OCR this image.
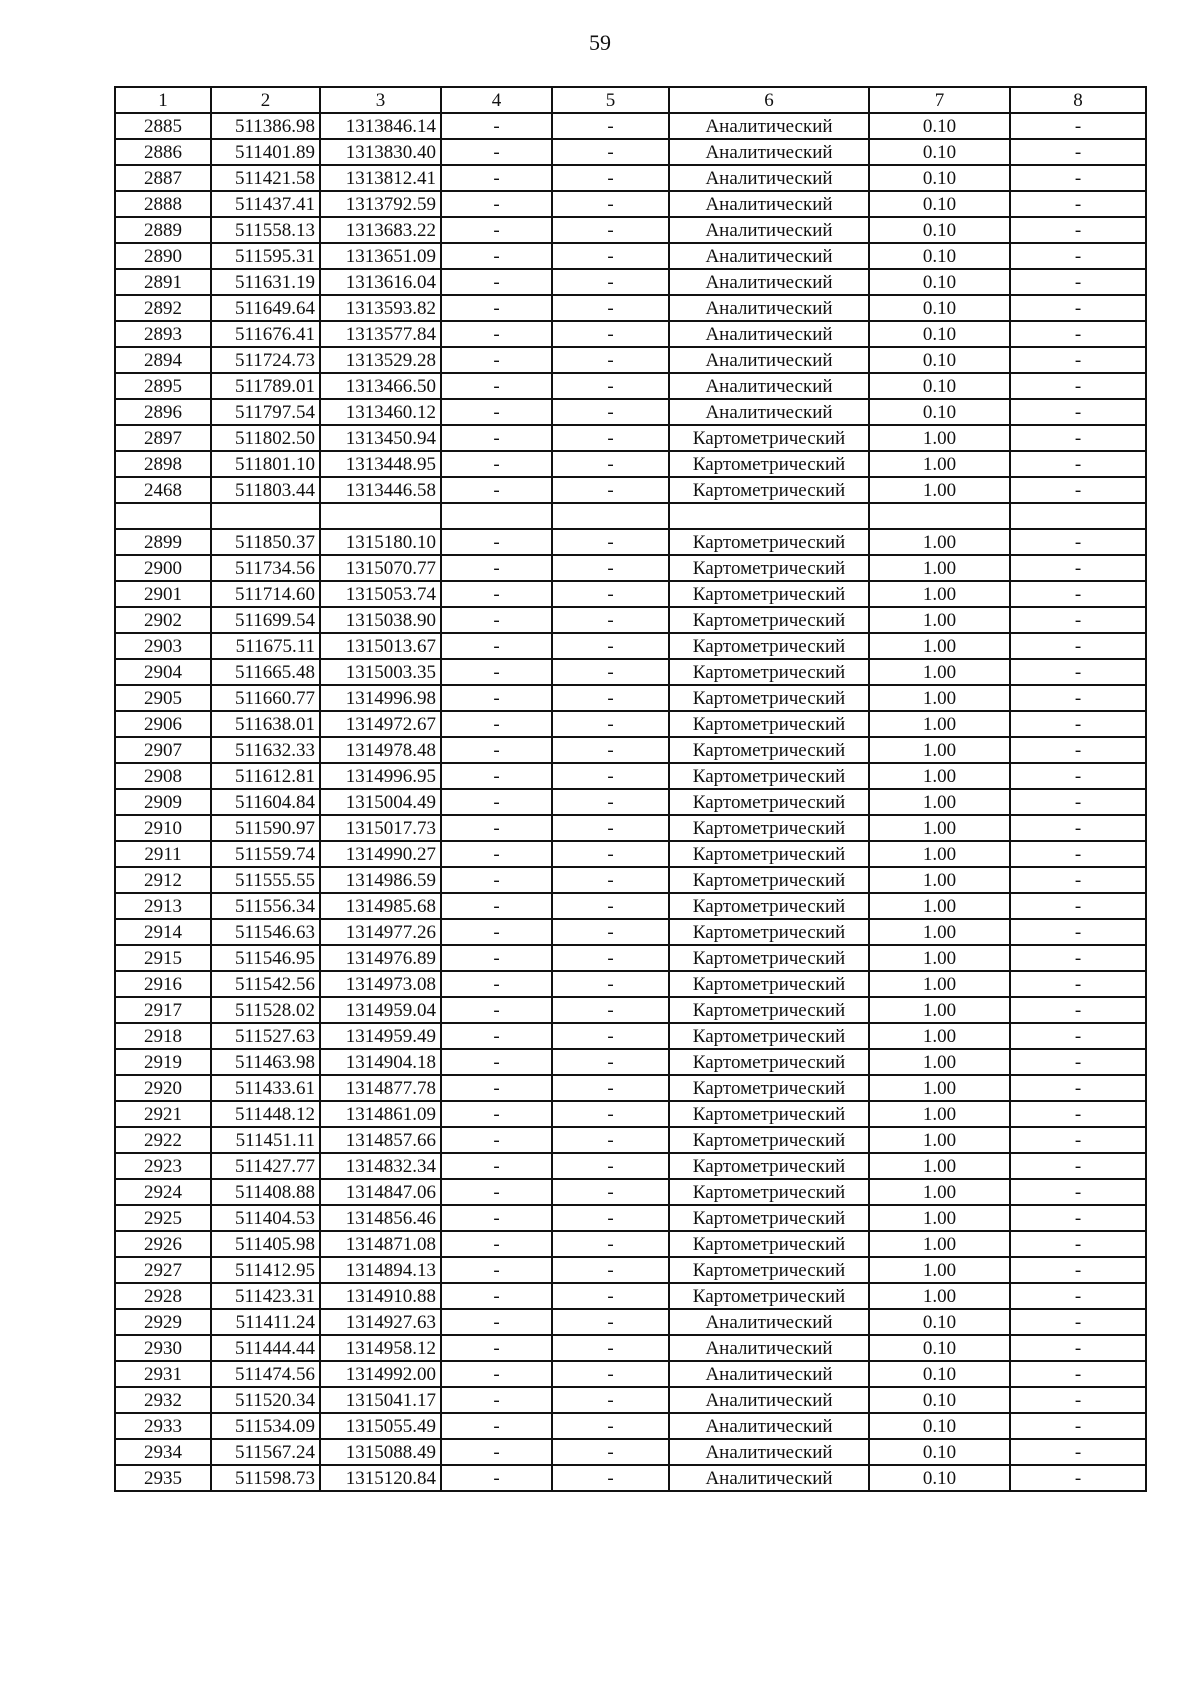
59
1	2	3	4	5	6	7	8
2885	511386.98	1313846.14	-	-	Аналитический	0.10	-
2886	511401.89	1313830.40	-	-	Аналитический	0.10	-
2887	511421.58	1313812.41	-	-	Аналитический	0.10	-
2888	511437.41	1313792.59	-	-	Аналитический	0.10	-
2889	511558.13	1313683.22	-	-	Аналитический	0.10	-
2890	511595.31	1313651.09	-	-	Аналитический	0.10	-
2891	511631.19	1313616.04	-	-	Аналитический	0.10	-
2892	511649.64	1313593.82	-	-	Аналитический	0.10	-
2893	511676.41	1313577.84	-	-	Аналитический	0.10	-
2894	511724.73	1313529.28	-	-	Аналитический	0.10	-
2895	511789.01	1313466.50	-	-	Аналитический	0.10	-
2896	511797.54	1313460.12	-	-	Аналитический	0.10	-
2897	511802.50	1313450.94	-	-	Картометрический	1.00	-
2898	511801.10	1313448.95	-	-	Картометрический	1.00	-
2468	511803.44	1313446.58	-	-	Картометрический	1.00	-

2899	511850.37	1315180.10	-	-	Картометрический	1.00	-
2900	511734.56	1315070.77	-	-	Картометрический	1.00	-
2901	511714.60	1315053.74	-	-	Картометрический	1.00	-
2902	511699.54	1315038.90	-	-	Картометрический	1.00	-
2903	511675.11	1315013.67	-	-	Картометрический	1.00	-
2904	511665.48	1315003.35	-	-	Картометрический	1.00	-
2905	511660.77	1314996.98	-	-	Картометрический	1.00	-
2906	511638.01	1314972.67	-	-	Картометрический	1.00	-
2907	511632.33	1314978.48	-	-	Картометрический	1.00	-
2908	511612.81	1314996.95	-	-	Картометрический	1.00	-
2909	511604.84	1315004.49	-	-	Картометрический	1.00	-
2910	511590.97	1315017.73	-	-	Картометрический	1.00	-
2911	511559.74	1314990.27	-	-	Картометрический	1.00	-
2912	511555.55	1314986.59	-	-	Картометрический	1.00	-
2913	511556.34	1314985.68	-	-	Картометрический	1.00	-
2914	511546.63	1314977.26	-	-	Картометрический	1.00	-
2915	511546.95	1314976.89	-	-	Картометрический	1.00	-
2916	511542.56	1314973.08	-	-	Картометрический	1.00	-
2917	511528.02	1314959.04	-	-	Картометрический	1.00	-
2918	511527.63	1314959.49	-	-	Картометрический	1.00	-
2919	511463.98	1314904.18	-	-	Картометрический	1.00	-
2920	511433.61	1314877.78	-	-	Картометрический	1.00	-
2921	511448.12	1314861.09	-	-	Картометрический	1.00	-
2922	511451.11	1314857.66	-	-	Картометрический	1.00	-
2923	511427.77	1314832.34	-	-	Картометрический	1.00	-
2924	511408.88	1314847.06	-	-	Картометрический	1.00	-
2925	511404.53	1314856.46	-	-	Картометрический	1.00	-
2926	511405.98	1314871.08	-	-	Картометрический	1.00	-
2927	511412.95	1314894.13	-	-	Картометрический	1.00	-
2928	511423.31	1314910.88	-	-	Картометрический	1.00	-
2929	511411.24	1314927.63	-	-	Аналитический	0.10	-
2930	511444.44	1314958.12	-	-	Аналитический	0.10	-
2931	511474.56	1314992.00	-	-	Аналитический	0.10	-
2932	511520.34	1315041.17	-	-	Аналитический	0.10	-
2933	511534.09	1315055.49	-	-	Аналитический	0.10	-
2934	511567.24	1315088.49	-	-	Аналитический	0.10	-
2935	511598.73	1315120.84	-	-	Аналитический	0.10	-
